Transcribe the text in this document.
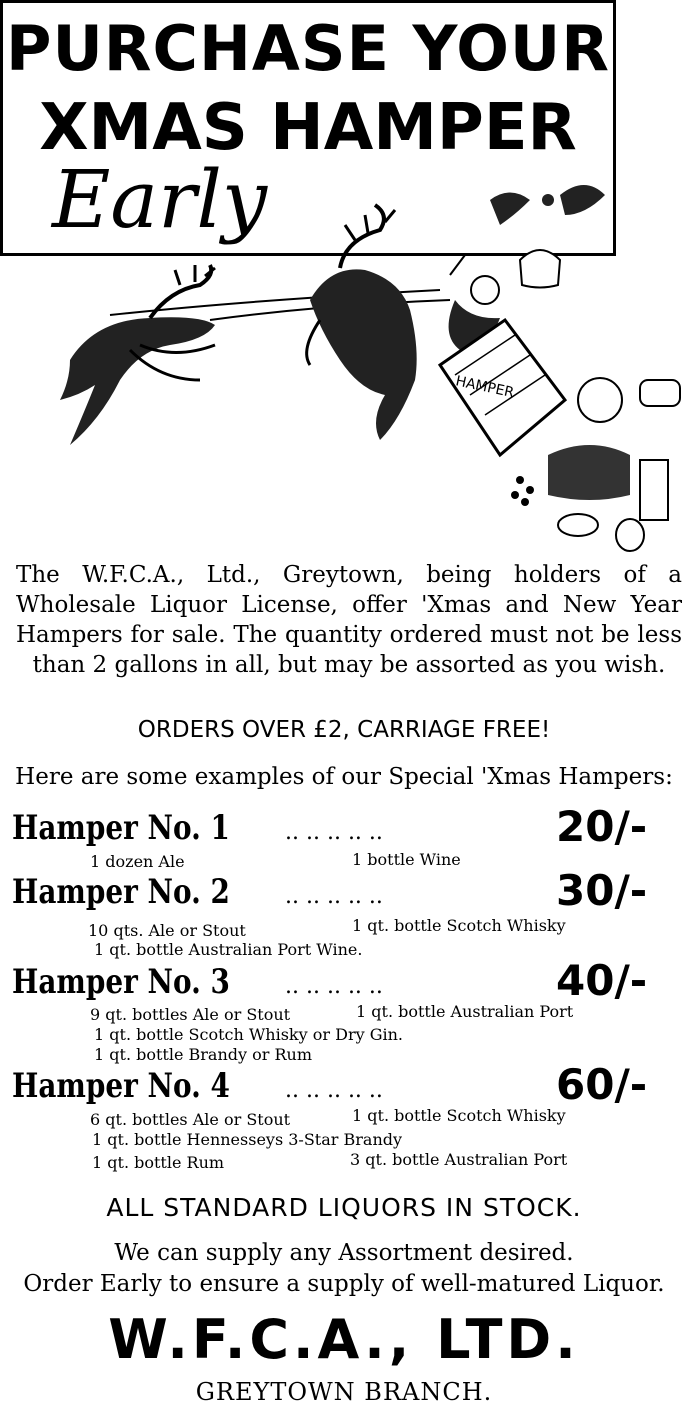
PURCHASE YOUR
XMAS HAMPER
Early
HAMPER
The W.F.C.A., Ltd., Greytown, being holders of a Wholesale Liquor License, offer 'Xmas and New Year Hampers for sale. The quantity ordered must not be less than 2 gallons in all, but may be assorted as you wish.
ORDERS OVER £2, CARRIAGE FREE!
Here are some examples of our Special 'Xmas Hampers:
Hamper No. 1	.. .. .. .. ..	20/-
1 dozen Ale	1 bottle Wine
Hamper No. 2	.. .. .. .. ..	30/-
10 qts. Ale or Stout	1 qt. bottle Scotch Whisky
1 qt. bottle Australian Port Wine.
Hamper No. 3	.. .. .. .. ..	40/-
9 qt. bottles Ale or Stout	1 qt. bottle Australian Port
1 qt. bottle Scotch Whisky or Dry Gin.
1 qt. bottle Brandy or Rum
Hamper No. 4	.. .. .. .. ..	60/-
6 qt. bottles Ale or Stout	1 qt. bottle Scotch Whisky
1 qt. bottle Hennesseys 3-Star Brandy
1 qt. bottle Rum	3 qt. bottle Australian Port
ALL STANDARD LIQUORS IN STOCK.
We can supply any Assortment desired.
Order Early to ensure a supply of well-matured Liquor.
W.F.C.A., LTD.
GREYTOWN BRANCH.
